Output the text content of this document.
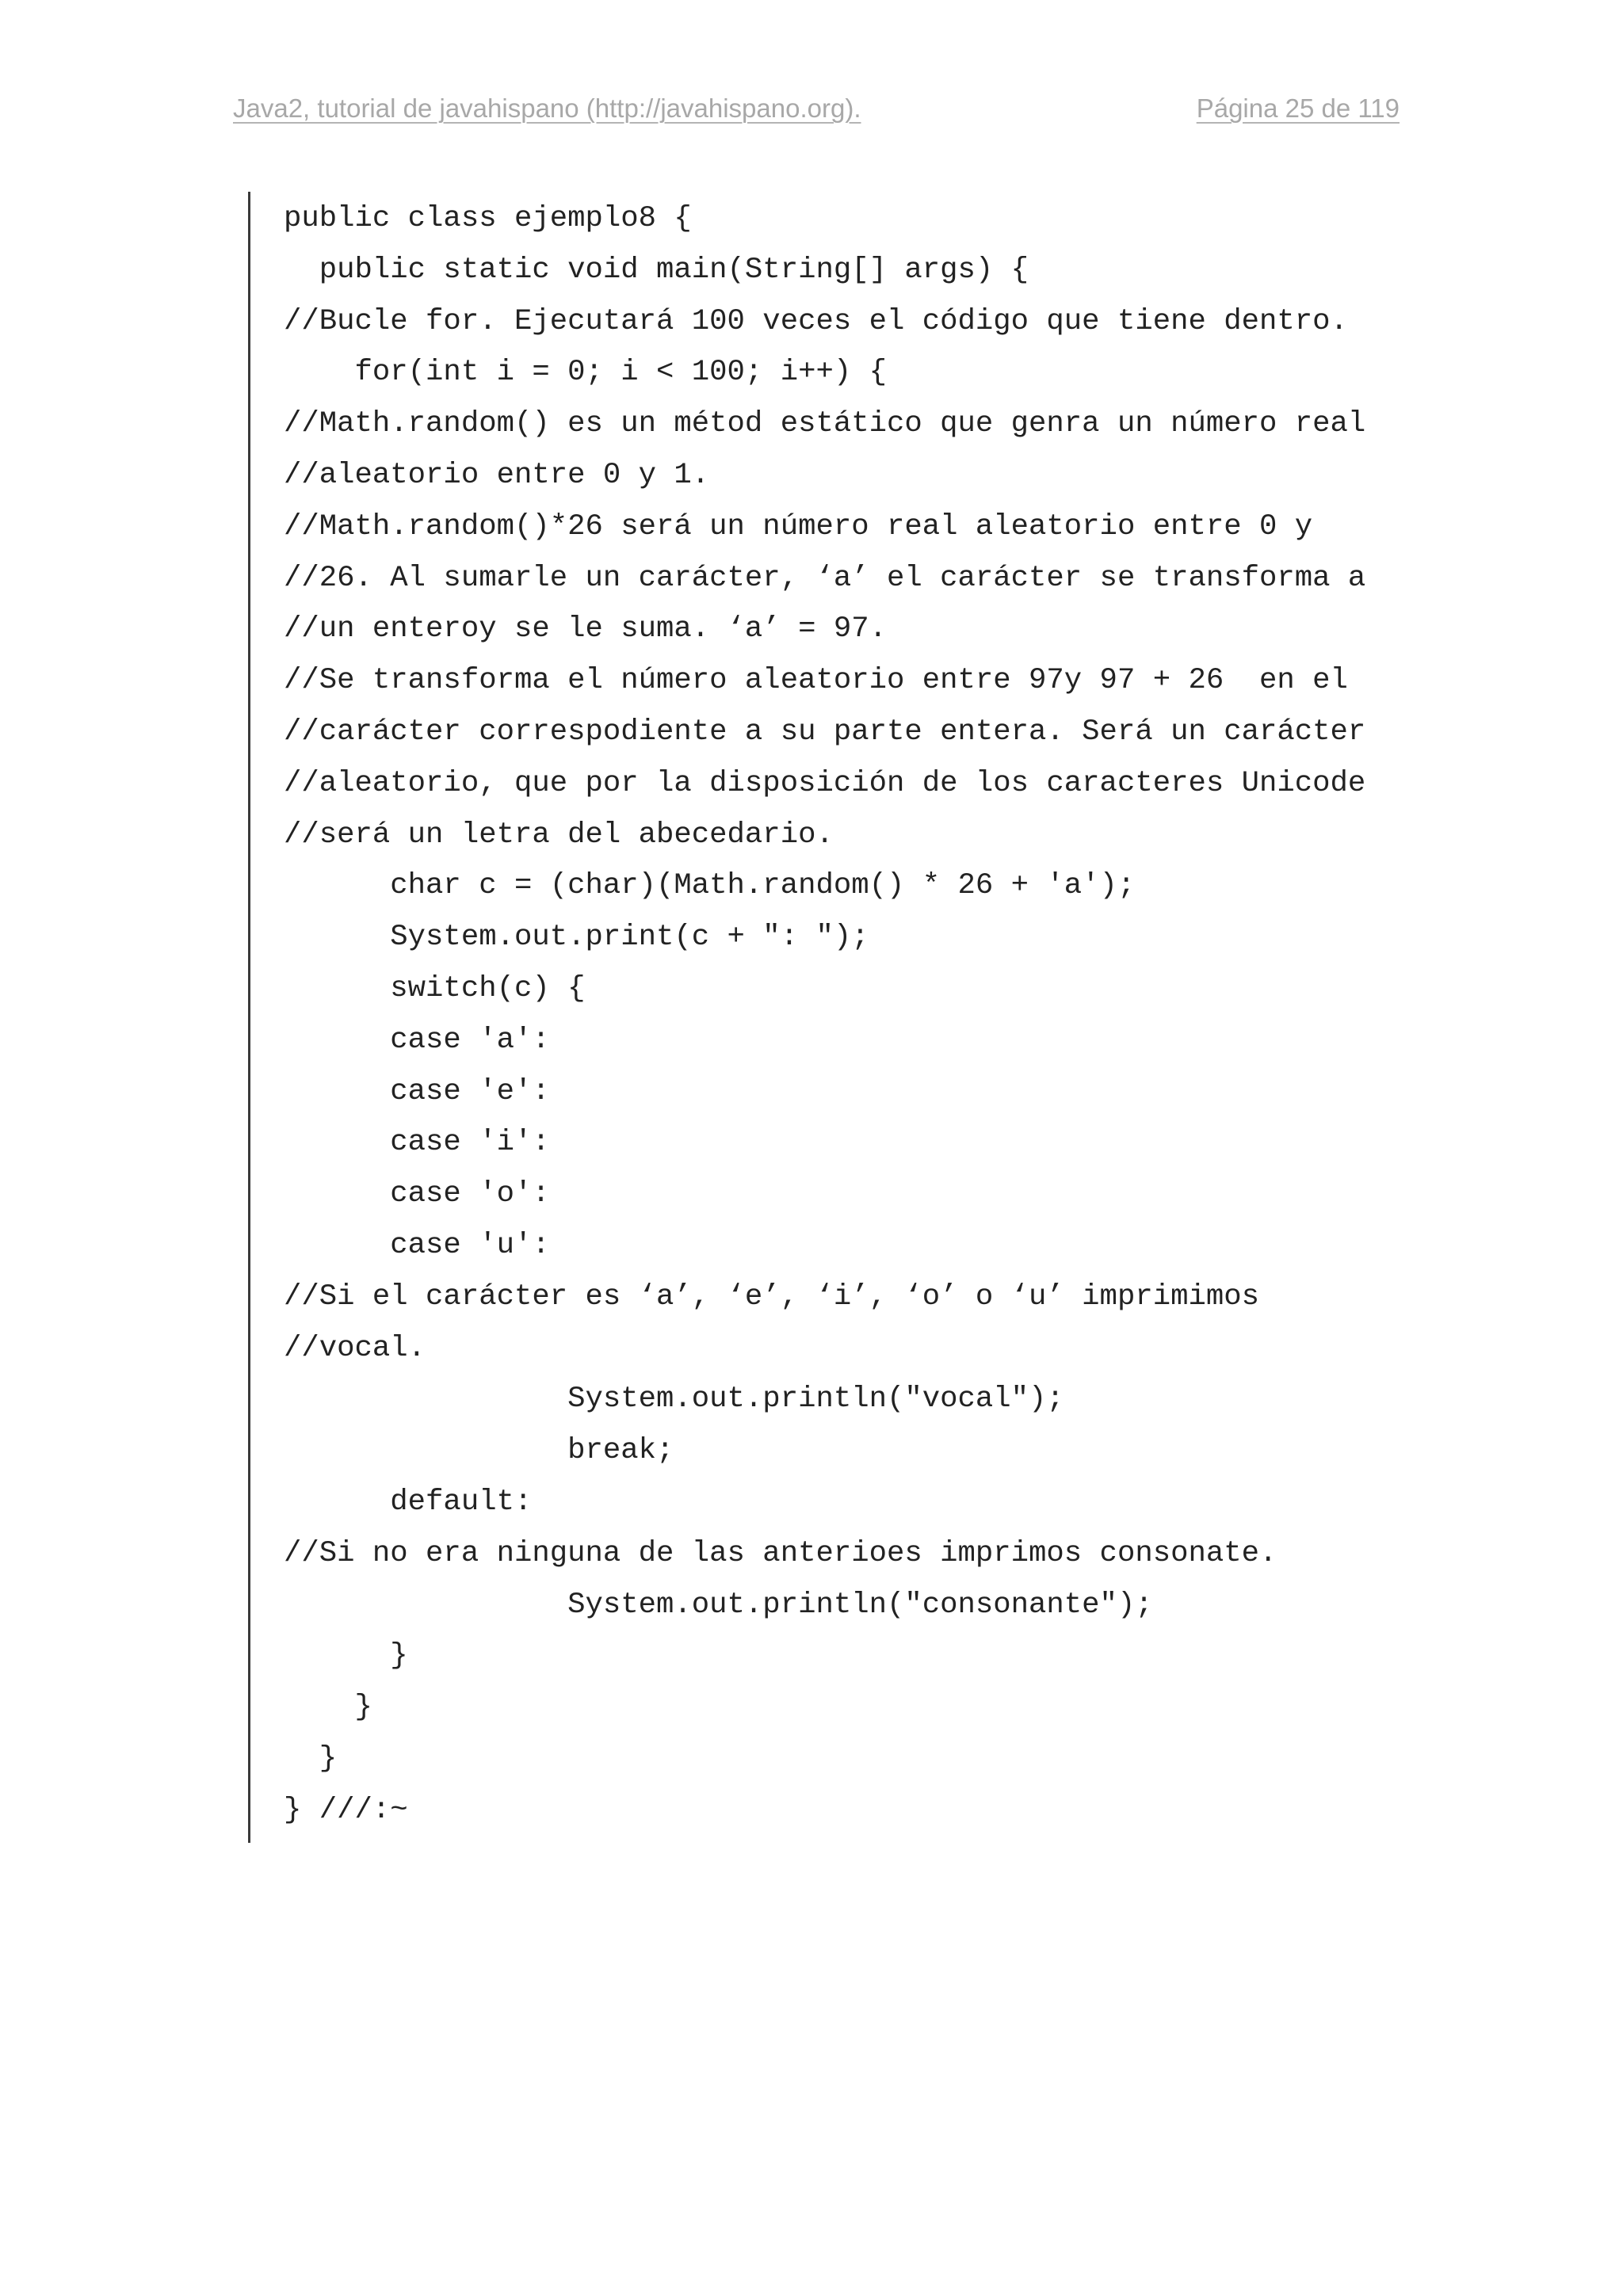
Java2, tutorial de javahispano (http://javahispano.org).	Página 25 de 119
public class ejemplo8 {
public static void main(String[] args) {
//Bucle for. Ejecutará 100 veces el código que tiene dentro.
for(int i = 0; i < 100; i++) {
//Math.random() es un métod estático que genra un número real
//aleatorio entre 0 y 1.
//Math.random()*26 será un número real aleatorio entre 0 y
//26. Al sumarle un carácter, ‘a’ el carácter se transforma a
//un enteroy se le suma. ‘a’ = 97.
//Se transforma el número aleatorio entre 97y 97 + 26  en el
//carácter correspodiente a su parte entera. Será un carácter
//aleatorio, que por la disposición de los caracteres Unicode
//será un letra del abecedario.
char c = (char)(Math.random() * 26 + 'a');
System.out.print(c + ": ");
switch(c) {
case 'a':
case 'e':
case 'i':
case 'o':
case 'u':
//Si el carácter es ‘a’, ‘e’, ‘i’, ‘o’ o ‘u’ imprimimos
//vocal.
System.out.println("vocal");
break;
default:
//Si no era ninguna de las anterioes imprimos consonate.
System.out.println("consonante");
}
}
}
} ///:~
